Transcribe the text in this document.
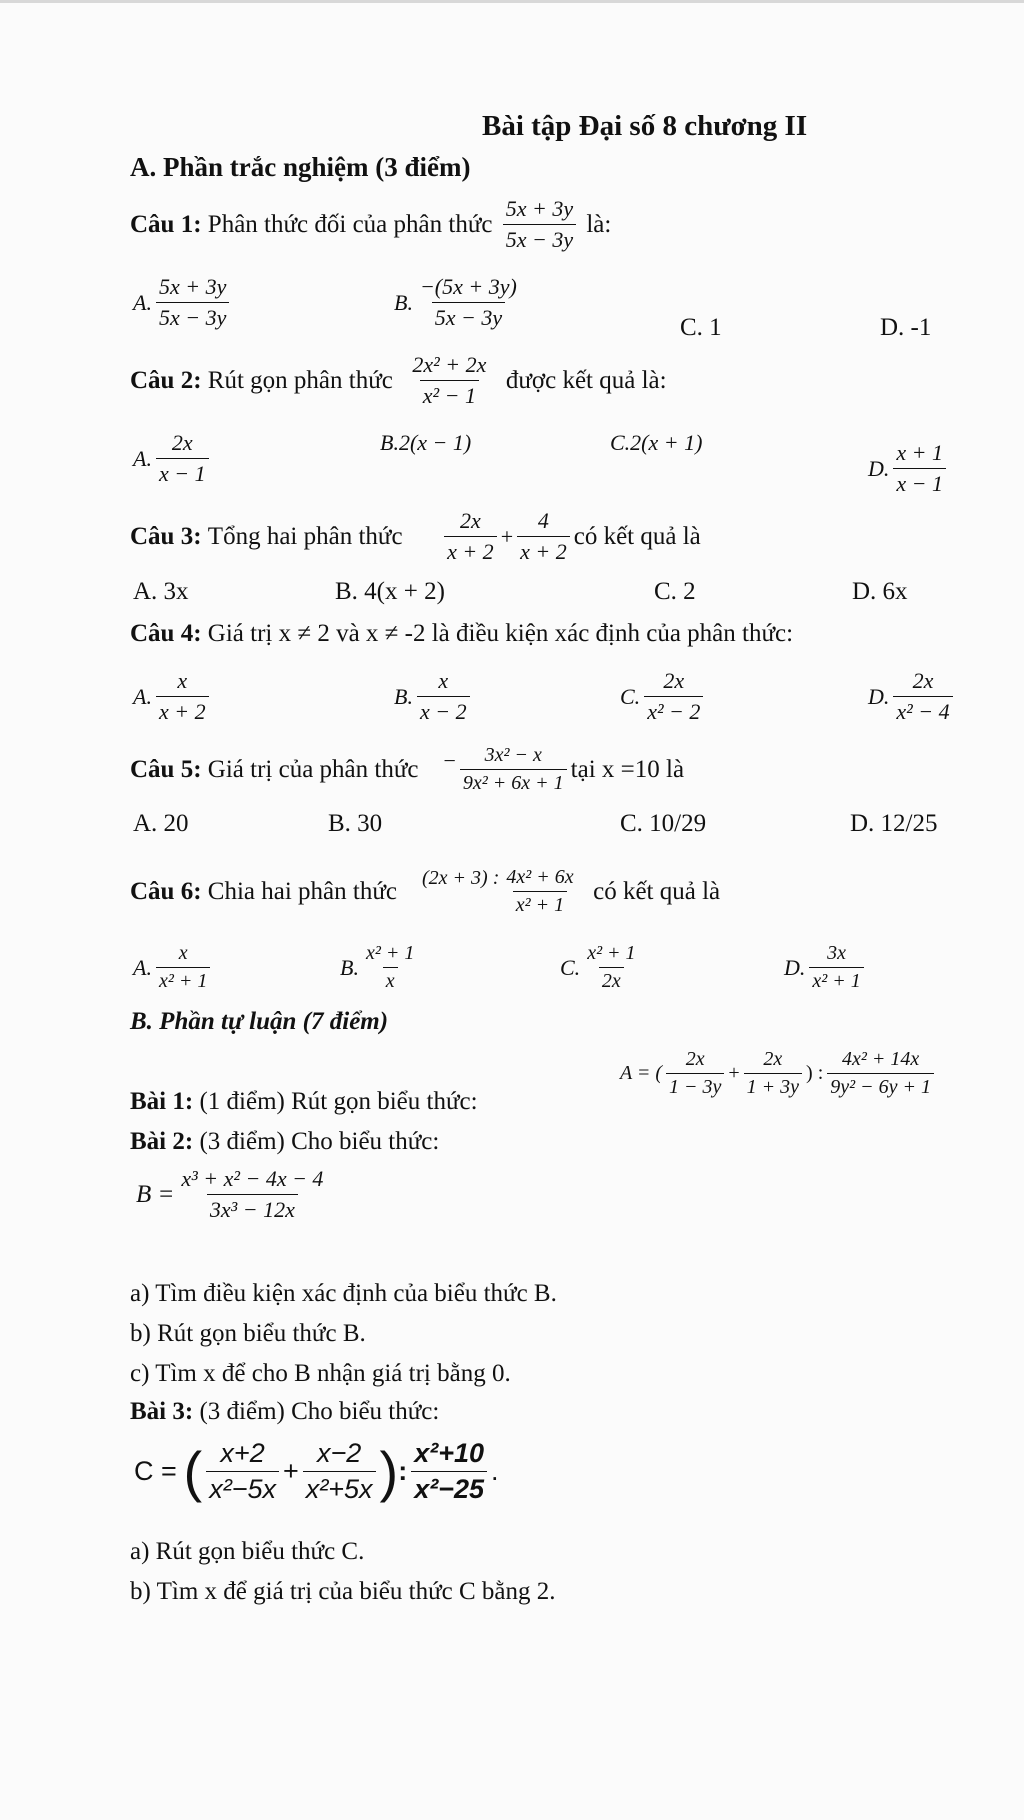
Bài tập Đại số 8 chương II
A. Phần trắc nghiệm (3 điểm)
Câu 1:
Phân thức đối của phân thức
$\frac{5x + 3y}{5x - 3y}$
là:
A. $\frac{5x + 3y}{5x - 3y}$	B. $\frac{-(5x + 3y)}{5x - 3y}$	C. 1	D. -1
Câu 2:
Rút gọn phân thức
$\frac{\text{2x² + 2x}}{\text{x² − 1}}$
được kết quả là:
A. $\frac{2x}{x - 1}$	B.2(x − 1)	C.2(x + 1)
D. $\frac{x + 1}{x - 1}$
Câu 3:
Tổng hai phân thức
$\frac{2x}{x + 2} + \frac{4}{x + 2}$ có kết quả là
A. 3x	B. 4(x + 2)	C. 2	D. 6x
Câu 4:
Giá trị x ≠ 2 và x ≠ -2 là điều kiện xác định của phân thức:
A. $\frac{x}{x + 2}$	B. $\frac{x}{x - 2}$	C. $\frac{2x}{\text{x² − 2}}$	D. $\frac{2x}{\text{x² − 4}}$
Câu 5:
Giá trị của phân thức
− $\frac{\text{3x² − x}}{\text{9x² + 6x + 1}}$ tại x =10 là
A. 20	B. 30	C. 10/29	D. 12/25
Câu 6:
Chia hai phân thức
(2x + 3) : $\frac{\text{4x² + 6x}}{\text{x² + 1}}$
có kết quả là
A. $\frac{x}{\text{x² + 1}}$	B. $\frac{\text{x² + 1}}{x}$	C. $\frac{\text{x² + 1}}{2x}$	D. $\frac{3x}{\text{x² + 1}}$
B. Phần tự luận (7 điểm)
Bài 1:
(1 điểm) Rút gọn biểu thức:
A = ( $\frac{2x}{1 - 3y} + \frac{2x}{1 + 3y}$ ) : $\frac{\text{4x² + 14x}}{\text{9y² − 6y + 1}}$
Bài 2:
(3 điểm) Cho biểu thức:
$B = \frac{\text{x³ + x² − 4x − 4}}{\text{3x³ − 12x}}$
a) Tìm điều kiện xác định của biểu thức B.
b) Rút gọn biểu thức B.
c) Tìm x để cho B nhận giá trị bằng 0.
Bài 3:
(3 điểm) Cho biểu thức:
C =
( $\frac{x+2}{\text{x²−5x}} + \frac{x-2}{\text{x²+5x}}$ ) : $\frac{\text{x²+10}}{\text{x²−25}}$ .
a) Rút gọn biểu thức C.
b) Tìm x để giá trị của biểu thức C bằng 2.
